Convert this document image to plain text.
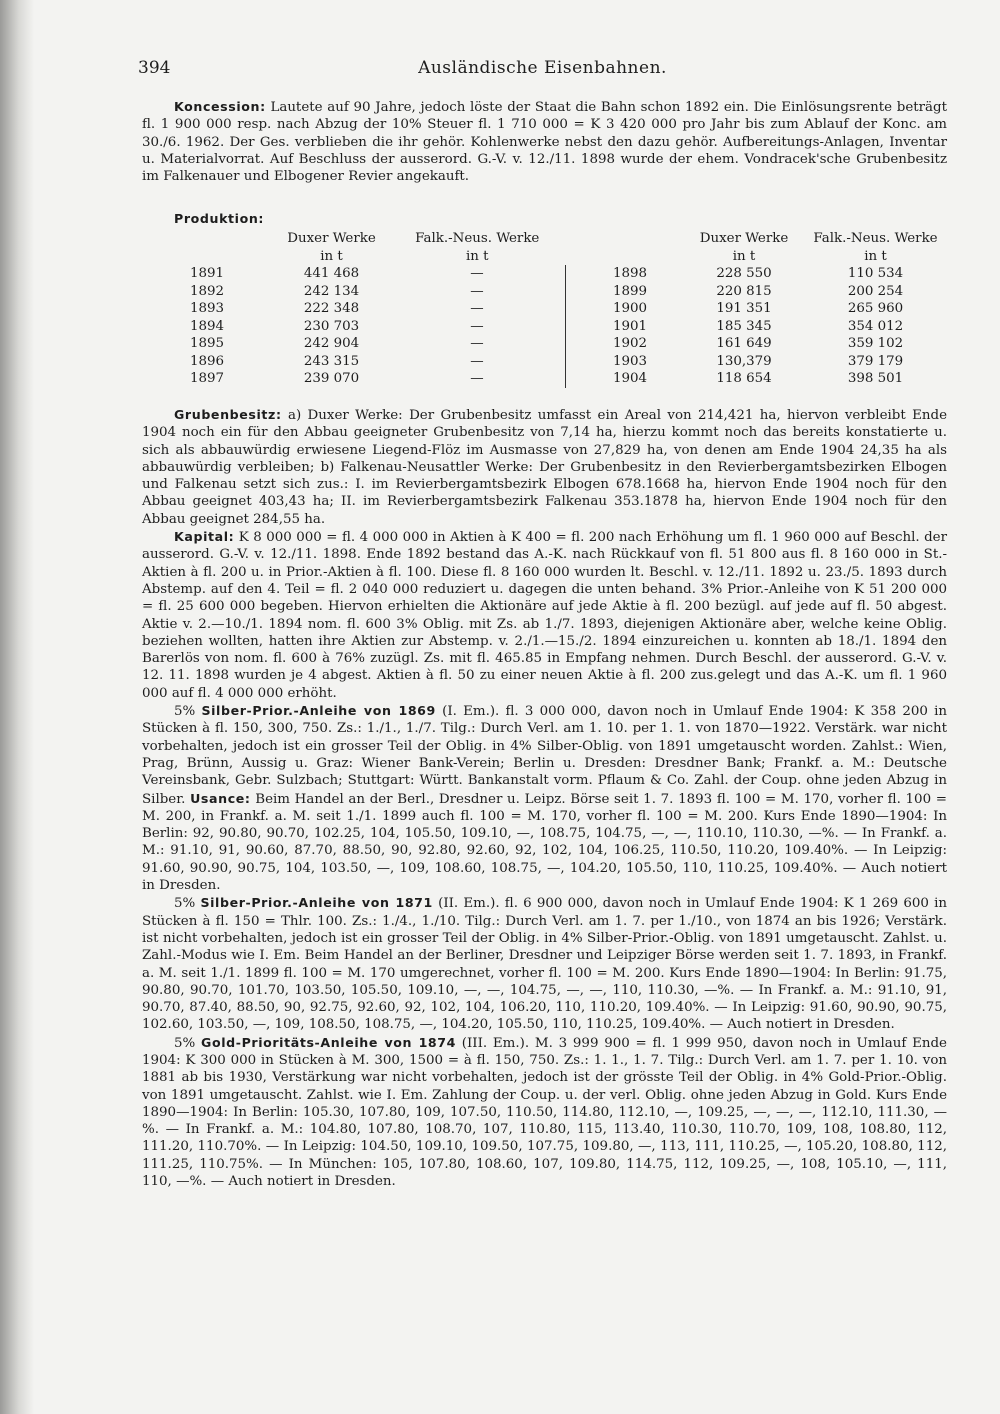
394	Ausländische Eisenbahnen.

Koncession: Lautete auf 90 Jahre, jedoch löste der Staat die Bahn schon 1892 ein. Die Einlösungsrente beträgt fl. 1 900 000 resp. nach Abzug der 10% Steuer fl. 1 710 000 = K 3 420 000 pro Jahr bis zum Ablauf der Konc. am 30./6. 1962. Der Ges. verblieben die ihr gehör. Kohlenwerke nebst den dazu gehör. Aufbereitungs-Anlagen, Inventar u. Materialvorrat. Auf Beschluss der ausserord. G.-V. v. 12./11. 1898 wurde der ehem. Vondracek'sche Grubenbesitz im Falkenauer und Elbogener Revier angekauft.

Produktion:
	Duxer Werke	Falk.-Neus. Werke			Duxer Werke	Falk.-Neus. Werke
	in t	in t			in t	in t
1891	441 468	—		1898	228 550	110 534
1892	242 134	—		1899	220 815	200 254
1893	222 348	—		1900	191 351	265 960
1894	230 703	—		1901	185 345	354 012
1895	242 904	—		1902	161 649	359 102
1896	243 315	—		1903	130,379	379 179
1897	239 070	—		1904	118 654	398 501

Grubenbesitz: a) Duxer Werke: Der Grubenbesitz umfasst ein Areal von 214,421 ha, hiervon verbleibt Ende 1904 noch ein für den Abbau geeigneter Grubenbesitz von 7,14 ha, hierzu kommt noch das bereits konstatierte u. sich als abbauwürdig erwiesene Liegend-Flöz im Ausmasse von 27,829 ha, von denen am Ende 1904 24,35 ha als abbauwürdig verbleiben; b) Falkenau-Neusattler Werke: Der Grubenbesitz in den Revierbergamtsbezirken Elbogen und Falkenau setzt sich zus.: I. im Revierbergamtsbezirk Elbogen 678.1668 ha, hiervon Ende 1904 noch für den Abbau geeignet 403,43 ha; II. im Revierbergamtsbezirk Falkenau 353.1878 ha, hiervon Ende 1904 noch für den Abbau geeignet 284,55 ha.

Kapital: K 8 000 000 = fl. 4 000 000 in Aktien à K 400 = fl. 200 nach Erhöhung um fl. 1 960 000 auf Beschl. der ausserord. G.-V. v. 12./11. 1898. Ende 1892 bestand das A.-K. nach Rückkauf von fl. 51 800 aus fl. 8 160 000 in St.-Aktien à fl. 200 u. in Prior.-Aktien à fl. 100. Diese fl. 8 160 000 wurden lt. Beschl. v. 12./11. 1892 u. 23./5. 1893 durch Abstemp. auf den 4. Teil = fl. 2 040 000 reduziert u. dagegen die unten behand. 3% Prior.-Anleihe von K 51 200 000 = fl. 25 600 000 begeben. Hiervon erhielten die Aktionäre auf jede Aktie à fl. 200 bezügl. auf jede auf fl. 50 abgest. Aktie v. 2.—10./1. 1894 nom. fl. 600 3% Oblig. mit Zs. ab 1./7. 1893, diejenigen Aktionäre aber, welche keine Oblig. beziehen wollten, hatten ihre Aktien zur Abstemp. v. 2./1.—15./2. 1894 einzureichen u. konnten ab 18./1. 1894 den Barerlös von nom. fl. 600 à 76% zuzügl. Zs. mit fl. 465.85 in Empfang nehmen. Durch Beschl. der ausserord. G.-V. v. 12. 11. 1898 wurden je 4 abgest. Aktien à fl. 50 zu einer neuen Aktie à fl. 200 zus.gelegt und das A.-K. um fl. 1 960 000 auf fl. 4 000 000 erhöht.

5% Silber-Prior.-Anleihe von 1869 (I. Em.). fl. 3 000 000, davon noch in Umlauf Ende 1904: K 358 200 in Stücken à fl. 150, 300, 750. Zs.: 1./1., 1./7. Tilg.: Durch Verl. am 1. 10. per 1. 1. von 1870—1922. Verstärk. war nicht vorbehalten, jedoch ist ein grosser Teil der Oblig. in 4% Silber-Oblig. von 1891 umgetauscht worden. Zahlst.: Wien, Prag, Brünn, Aussig u. Graz: Wiener Bank-Verein; Berlin u. Dresden: Dresdner Bank; Frankf. a. M.: Deutsche Vereinsbank, Gebr. Sulzbach; Stuttgart: Württ. Bankanstalt vorm. Pflaum & Co. Zahl. der Coup. ohne jeden Abzug in Silber. Usance: Beim Handel an der Berl., Dresdner u. Leipz. Börse seit 1. 7. 1893 fl. 100 = M. 170, vorher fl. 100 = M. 200, in Frankf. a. M. seit 1./1. 1899 auch fl. 100 = M. 170, vorher fl. 100 = M. 200. Kurs Ende 1890—1904: In Berlin: 92, 90.80, 90.70, 102.25, 104, 105.50, 109.10, —, 108.75, 104.75, —, —, 110.10, 110.30, —%. — In Frankf. a. M.: 91.10, 91, 90.60, 87.70, 88.50, 90, 92.80, 92.60, 92, 102, 104, 106.25, 110.50, 110.20, 109.40%. — In Leipzig: 91.60, 90.90, 90.75, 104, 103.50, —, 109, 108.60, 108.75, —, 104.20, 105.50, 110, 110.25, 109.40%. — Auch notiert in Dresden.

5% Silber-Prior.-Anleihe von 1871 (II. Em.). fl. 6 900 000, davon noch in Umlauf Ende 1904: K 1 269 600 in Stücken à fl. 150 = Thlr. 100. Zs.: 1./4., 1./10. Tilg.: Durch Verl. am 1. 7. per 1./10., von 1874 an bis 1926; Verstärk. ist nicht vorbehalten, jedoch ist ein grosser Teil der Oblig. in 4% Silber-Prior.-Oblig. von 1891 umgetauscht. Zahlst. u. Zahl.-Modus wie I. Em. Beim Handel an der Berliner, Dresdner und Leipziger Börse werden seit 1. 7. 1893, in Frankf. a. M. seit 1./1. 1899 fl. 100 = M. 170 umgerechnet, vorher fl. 100 = M. 200. Kurs Ende 1890—1904: In Berlin: 91.75, 90.80, 90.70, 101.70, 103.50, 105.50, 109.10, —, —, 104.75, —, —, 110, 110.30, —%. — In Frankf. a. M.: 91.10, 91, 90.70, 87.40, 88.50, 90, 92.75, 92.60, 92, 102, 104, 106.20, 110, 110.20, 109.40%. — In Leipzig: 91.60, 90.90, 90.75, 102.60, 103.50, —, 109, 108.50, 108.75, —, 104.20, 105.50, 110, 110.25, 109.40%. — Auch notiert in Dresden.

5% Gold-Prioritäts-Anleihe von 1874 (III. Em.). M. 3 999 900 = fl. 1 999 950, davon noch in Umlauf Ende 1904: K 300 000 in Stücken à M. 300, 1500 = à fl. 150, 750. Zs.: 1. 1., 1. 7. Tilg.: Durch Verl. am 1. 7. per 1. 10. von 1881 ab bis 1930, Verstärkung war nicht vorbehalten, jedoch ist der grösste Teil der Oblig. in 4% Gold-Prior.-Oblig. von 1891 umgetauscht. Zahlst. wie I. Em. Zahlung der Coup. u. der verl. Oblig. ohne jeden Abzug in Gold. Kurs Ende 1890—1904: In Berlin: 105.30, 107.80, 109, 107.50, 110.50, 114.80, 112.10, —, 109.25, —, —, —, 112.10, 111.30, —%. — In Frankf. a. M.: 104.80, 107.80, 108.70, 107, 110.80, 115, 113.40, 110.30, 110.70, 109, 108, 108.80, 112, 111.20, 110.70%. — In Leipzig: 104.50, 109.10, 109.50, 107.75, 109.80, —, 113, 111, 110.25, —, 105.20, 108.80, 112, 111.25, 110.75%. — In München: 105, 107.80, 108.60, 107, 109.80, 114.75, 112, 109.25, —, 108, 105.10, —, 111, 110, —%. — Auch notiert in Dresden.
